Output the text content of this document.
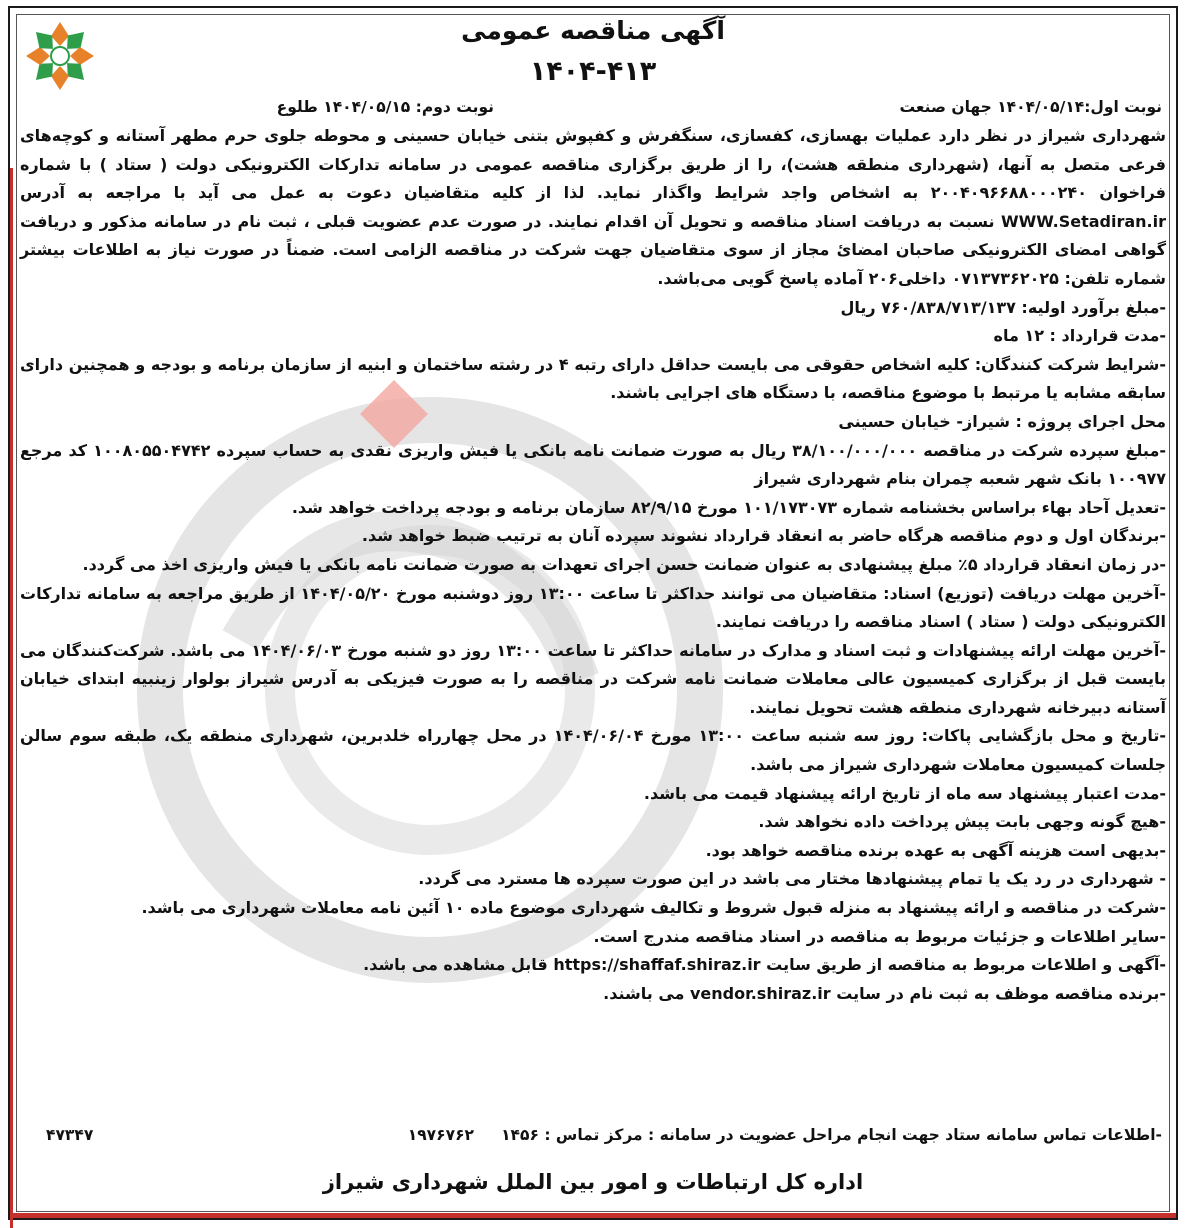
آگهی مناقصه عمومی
۱۴۰۴-۴۱۳
نوبت اول:۱۴۰۴/۰۵/۱۴ جهان صنعت
نوبت دوم: ۱۴۰۴/۰۵/۱۵ طلوع

شهرداری شیراز در نظر دارد عملیات بهسازی، کفسازی، سنگفرش و کفپوش بتنی خیابان حسینی و محوطه جلوی حرم مطهر آستانه و کوچه‌های فرعی متصل به آنها، (شهرداری منطقه هشت)، را از طریق برگزاری مناقصه عمومی در سامانه تدارکات الکترونیکی دولت ( ستاد ) با شماره فراخوان ۲۰۰۴۰۹۶۶۸۸۰۰۰۲۴۰ به اشخاص واجد شرایط واگذار نماید. لذا از کلیه متقاضیان دعوت به عمل می آید با مراجعه به آدرس WWW.Setadiran.ir نسبت به دریافت اسناد مناقصه و تحویل آن اقدام نمایند. در صورت عدم عضویت قبلی ، ثبت نام در سامانه مذکور و دریافت گواهی امضای الکترونیکی صاحبان امضائ مجاز از سوی متقاضیان جهت شرکت در مناقصه الزامی است. ضمناً در صورت نیاز به اطلاعات بیشتر شماره تلفن: ۰۷۱۳۷۳۶۲۰۲۵ داخلی۲۰۶ آماده پاسخ گویی می‌باشد.

-مبلغ برآورد اولیه: ۷۶۰/۸۳۸/۷۱۳/۱۳۷ ریال

-مدت قرارداد : ۱۲ ماه

-شرایط شرکت کنندگان: کلیه اشخاص حقوقی می بایست حداقل دارای رتبه ۴ در رشته ساختمان و ابنیه از سازمان برنامه و بودجه و همچنین دارای سابقه مشابه یا مرتبط با موضوع مناقصه، با دستگاه های اجرایی باشند.

محل اجرای پروژه : شیراز- خیابان حسینی

-مبلغ سپرده شرکت در مناقصه ۳۸/۱۰۰/۰۰۰/۰۰۰ ریال به صورت ضمانت نامه بانکی یا فیش واریزی نقدی به حساب سپرده ۱۰۰۸۰۵۵۰۴۷۴۲ کد مرجع ۱۰۰۹۷۷ بانک شهر شعبه چمران بنام شهرداری شیراز

-تعدیل آحاد بهاء براساس بخشنامه شماره ۱۰۱/۱۷۳۰۷۳ مورخ ۸۲/۹/۱۵ سازمان برنامه و بودجه پرداخت خواهد شد.

-برندگان اول و دوم مناقصه هرگاه حاضر به انعقاد قرارداد نشوند سپرده آنان به ترتیب ضبط خواهد شد.

-در زمان انعقاد قرارداد ۵٪ مبلغ پیشنهادی به عنوان ضمانت حسن اجرای تعهدات به صورت ضمانت نامه بانکی یا فیش واریزی اخذ می گردد.

-آخرین مهلت دریافت (توزیع) اسناد: متقاضیان می توانند حداکثر تا ساعت ۱۳:۰۰ روز دوشنبه مورخ ۱۴۰۴/۰۵/۲۰ از طریق مراجعه به سامانه تدارکات الکترونیکی دولت ( ستاد ) اسناد مناقصه را دریافت نمایند.

-آخرین مهلت ارائه پیشنهادات و ثبت اسناد و مدارک در سامانه حداکثر تا ساعت ۱۳:۰۰ روز دو شنبه مورخ ۱۴۰۴/۰۶/۰۳ می باشد. شرکت‌کنندگان می بایست قبل از برگزاری کمیسیون عالی معاملات ضمانت نامه شرکت در مناقصه را به صورت فیزیکی به آدرس شیراز بولوار زینبیه ابتدای خیابان آستانه دبیرخانه شهرداری منطقه هشت تحویل نمایند.

-تاریخ و محل بازگشایی پاکات: روز سه شنبه ساعت ۱۳:۰۰ مورخ ۱۴۰۴/۰۶/۰۴ در محل چهارراه خلدبرین، شهرداری منطقه یک، طبقه سوم سالن جلسات کمیسیون معاملات شهرداری شیراز می باشد.

-مدت اعتبار پیشنهاد سه ماه از تاریخ ارائه پیشنهاد قیمت می باشد.

-هیچ گونه وجهی بابت پیش پرداخت داده نخواهد شد.

-بدیهی است هزینه آگهی به عهده برنده مناقصه خواهد بود.

- شهرداری در رد یک یا تمام پیشنهادها مختار می باشد در این صورت سپرده ها مسترد می گردد.

-شرکت در مناقصه و ارائه پیشنهاد به منزله قبول شروط و تکالیف شهرداری موضوع ماده ۱۰ آئین نامه معاملات شهرداری می باشد.

-سایر اطلاعات و جزئیات مربوط به مناقصه در اسناد مناقصه مندرج است.

-آگهی و اطلاعات مربوط به مناقصه از طریق سایت https://shaffaf.shiraz.ir قابل مشاهده می باشد.

-برنده مناقصه موظف به ثبت نام در سایت vendor.shiraz.ir می باشند.

-اطلاعات تماس سامانه ستاد جهت انجام مراحل عضویت در سامانه : مرکز تماس : ۱۴۵۶
۱۹۷۶۷۶۲
۴۷۳۴۷
اداره کل ارتباطات و امور بین الملل شهرداری شیراز
